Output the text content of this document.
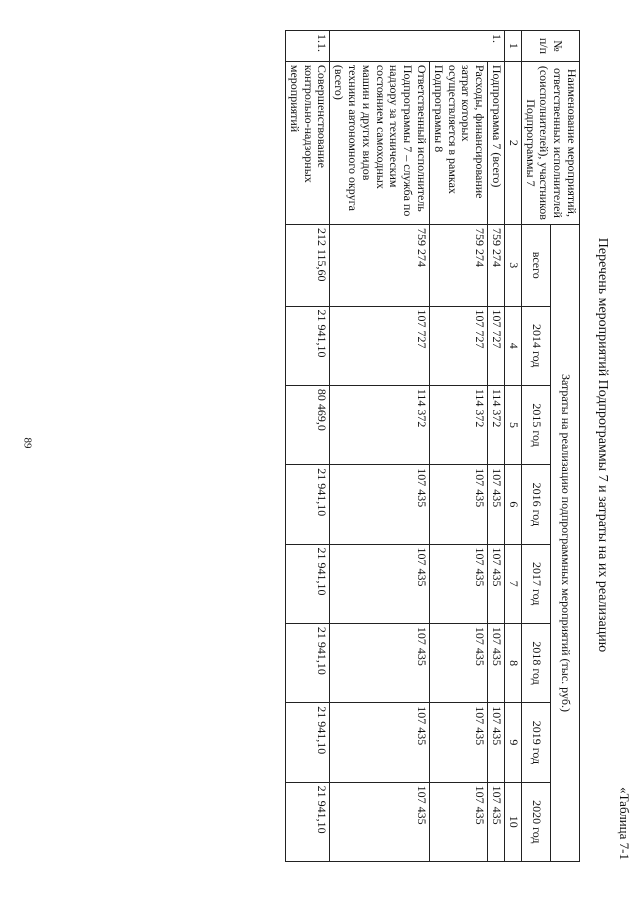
89
«Таблица 7-1
Перечень мероприятий Подпрограммы 7 и затраты на их реализацию
№ п/п	Наименование мероприятий, ответственных исполнителей (соисполнителей), участников Подпрограммы 7	Затраты на реализацию подпрограммных мероприятий (тыс. руб.)							
		всего	2014 год	2015 год	2016 год	2017 год	2018 год	2019 год	2020 год
1	2	3	4	5	6	7	8	9	10
1.	Подпрограмма 7 (всего)	759 274	107 727	114 372	107 435	107 435	107 435	107 435	107 435
	Расходы, финансирование затрат которых осуществляется в рамках Подпрограммы 8	759 274	107 727	114 372	107 435	107 435	107 435	107 435	107 435
	Ответственный исполнитель Подпрограммы 7 – служба по надзору за техническим состоянием самоходных машин и других видов техники автономного округа (всего)	759 274	107 727	114 372	107 435	107 435	107 435	107 435	107 435
1.1.	Совершенствование контрольно-надзорных мероприятий	212 115,60	21 941,10	80 469,0	21 941,10	21 941,10	21 941,10	21 941,10	21 941,10
